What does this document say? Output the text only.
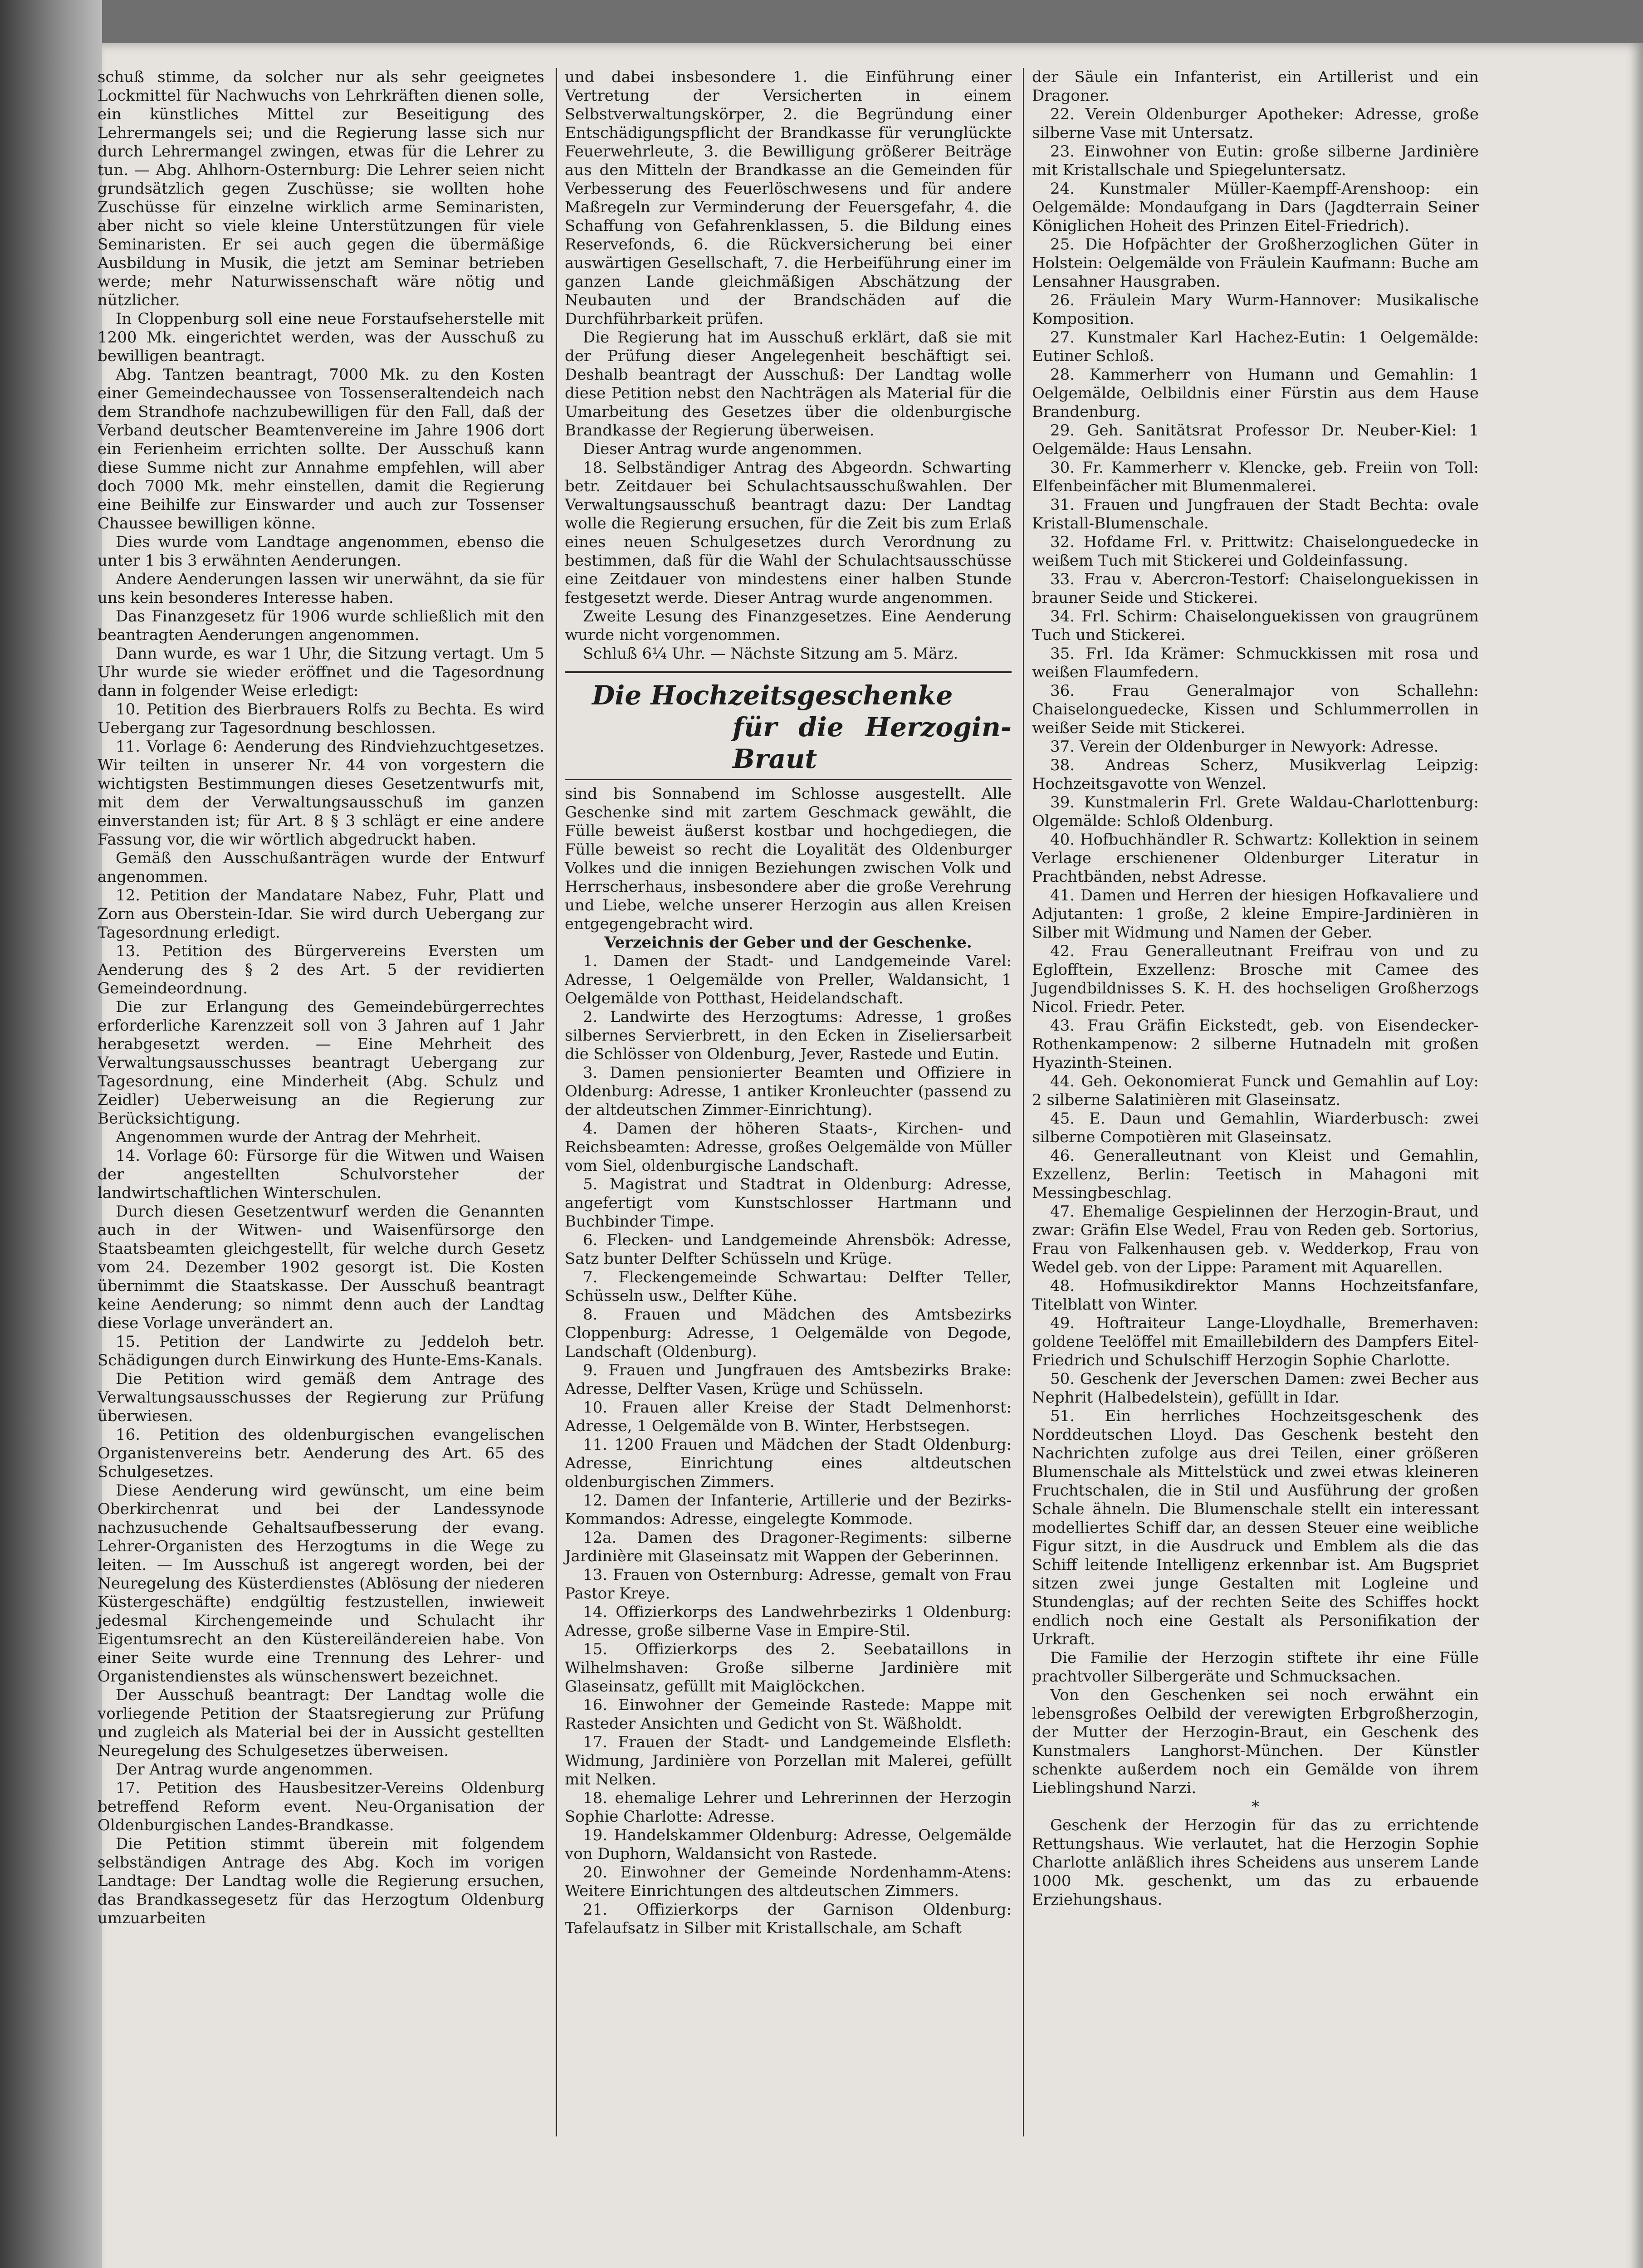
schuß stimme, da solcher nur als sehr geeignetes Lockmittel für Nachwuchs von Lehrkräften dienen solle, ein künstliches Mittel zur Beseitigung des Lehrermangels sei; und die Regierung lasse sich nur durch Lehrermangel zwingen, etwas für die Lehrer zu tun. — Abg. Ahlhorn-Osternburg: Die Lehrer seien nicht grundsätzlich gegen Zuschüsse; sie wollten hohe Zuschüsse für einzelne wirklich arme Seminaristen, aber nicht so viele kleine Unterstützungen für viele Seminaristen. Er sei auch gegen die übermäßige Ausbildung in Musik, die jetzt am Seminar betrieben werde; mehr Naturwissenschaft wäre nötig und nützlicher.

In Cloppenburg soll eine neue Forstaufseherstelle mit 1200 Mk. eingerichtet werden, was der Ausschuß zu bewilligen beantragt.

Abg. Tantzen beantragt, 7000 Mk. zu den Kosten einer Gemeindechaussee von Tossenseraltendeich nach dem Strandhofe nachzubewilligen für den Fall, daß der Verband deutscher Beamtenvereine im Jahre 1906 dort ein Ferienheim errichten sollte. Der Ausschuß kann diese Summe nicht zur Annahme empfehlen, will aber doch 7000 Mk. mehr einstellen, damit die Regierung eine Beihilfe zur Einswarder und auch zur Tossenser Chaussee bewilligen könne.

Dies wurde vom Landtage angenommen, ebenso die unter 1 bis 3 erwähnten Aenderungen.

Andere Aenderungen lassen wir unerwähnt, da sie für uns kein besonderes Interesse haben.

Das Finanzgesetz für 1906 wurde schließlich mit den beantragten Aenderungen angenommen.

Dann wurde, es war 1 Uhr, die Sitzung vertagt. Um 5 Uhr wurde sie wieder eröffnet und die Tagesordnung dann in folgender Weise erledigt:

10. Petition des Bierbrauers Rolfs zu Bechta. Es wird Uebergang zur Tagesordnung beschlossen.

11. Vorlage 6: Aenderung des Rindviehzuchtgesetzes. Wir teilten in unserer Nr. 44 von vorgestern die wichtigsten Bestimmungen dieses Gesetzentwurfs mit, mit dem der Verwaltungsausschuß im ganzen einverstanden ist; für Art. 8 § 3 schlägt er eine andere Fassung vor, die wir wörtlich abgedruckt haben.

Gemäß den Ausschußanträgen wurde der Entwurf angenommen.

12. Petition der Mandatare Nabez, Fuhr, Platt und Zorn aus Oberstein-Idar. Sie wird durch Uebergang zur Tagesordnung erledigt.

13. Petition des Bürgervereins Eversten um Aenderung des § 2 des Art. 5 der revidierten Gemeindeordnung.

Die zur Erlangung des Gemeindebürgerrechtes erforderliche Karenzzeit soll von 3 Jahren auf 1 Jahr herabgesetzt werden. — Eine Mehrheit des Verwaltungsausschusses beantragt Uebergang zur Tagesordnung, eine Minderheit (Abg. Schulz und Zeidler) Ueberweisung an die Regierung zur Berücksichtigung.

Angenommen wurde der Antrag der Mehrheit.

14. Vorlage 60: Fürsorge für die Witwen und Waisen der angestellten Schulvorsteher der landwirtschaftlichen Winterschulen.

Durch diesen Gesetzentwurf werden die Genannten auch in der Witwen- und Waisenfürsorge den Staatsbeamten gleichgestellt, für welche durch Gesetz vom 24. Dezember 1902 gesorgt ist. Die Kosten übernimmt die Staatskasse. Der Ausschuß beantragt keine Aenderung; so nimmt denn auch der Landtag diese Vorlage unverändert an.

15. Petition der Landwirte zu Jeddeloh betr. Schädigungen durch Einwirkung des Hunte-Ems-Kanals.

Die Petition wird gemäß dem Antrage des Verwaltungsausschusses der Regierung zur Prüfung überwiesen.

16. Petition des oldenburgischen evangelischen Organistenvereins betr. Aenderung des Art. 65 des Schulgesetzes.

Diese Aenderung wird gewünscht, um eine beim Oberkirchenrat und bei der Landessynode nachzusuchende Gehaltsaufbesserung der evang. Lehrer-Organisten des Herzogtums in die Wege zu leiten. — Im Ausschuß ist angeregt worden, bei der Neuregelung des Küsterdienstes (Ablösung der niederen Küstergeschäfte) endgültig festzustellen, inwieweit jedesmal Kirchengemeinde und Schulacht ihr Eigentumsrecht an den Küstereiländereien habe. Von einer Seite wurde eine Trennung des Lehrer- und Organistendienstes als wünschenswert bezeichnet.

Der Ausschuß beantragt: Der Landtag wolle die vorliegende Petition der Staatsregierung zur Prüfung und zugleich als Material bei der in Aussicht gestellten Neuregelung des Schulgesetzes überweisen.

Der Antrag wurde angenommen.

17. Petition des Hausbesitzer-Vereins Oldenburg betreffend Reform event. Neu-Organisation der Oldenburgischen Landes-Brandkasse.

Die Petition stimmt überein mit folgendem selbständigen Antrage des Abg. Koch im vorigen Landtage: Der Landtag wolle die Regierung ersuchen, das Brandkassegesetz für das Herzogtum Oldenburg umzuarbeiten

und dabei insbesondere 1. die Einführung einer Vertretung der Versicherten in einem Selbstverwaltungskörper, 2. die Begründung einer Entschädigungspflicht der Brandkasse für verunglückte Feuerwehrleute, 3. die Bewilligung größerer Beiträge aus den Mitteln der Brandkasse an die Gemeinden für Verbesserung des Feuerlöschwesens und für andere Maßregeln zur Verminderung der Feuersgefahr, 4. die Schaffung von Gefahrenklassen, 5. die Bildung eines Reservefonds, 6. die Rückversicherung bei einer auswärtigen Gesellschaft, 7. die Herbeiführung einer im ganzen Lande gleichmäßigen Abschätzung der Neubauten und der Brandschäden auf die Durchführbarkeit prüfen.

Die Regierung hat im Ausschuß erklärt, daß sie mit der Prüfung dieser Angelegenheit beschäftigt sei. Deshalb beantragt der Ausschuß: Der Landtag wolle diese Petition nebst den Nachträgen als Material für die Umarbeitung des Gesetzes über die oldenburgische Brandkasse der Regierung überweisen.

Dieser Antrag wurde angenommen.

18. Selbständiger Antrag des Abgeordn. Schwarting betr. Zeitdauer bei Schulachtsausschußwahlen. Der Verwaltungsausschuß beantragt dazu: Der Landtag wolle die Regierung ersuchen, für die Zeit bis zum Erlaß eines neuen Schulgesetzes durch Verordnung zu bestimmen, daß für die Wahl der Schulachtsausschüsse eine Zeitdauer von mindestens einer halben Stunde festgesetzt werde. Dieser Antrag wurde angenommen.

Zweite Lesung des Finanzgesetzes. Eine Aenderung wurde nicht vorgenommen.

Schluß 6¼ Uhr. — Nächste Sitzung am 5. März.

Die Hochzeitsgeschenke
für die Herzogin-Braut

sind bis Sonnabend im Schlosse ausgestellt. Alle Geschenke sind mit zartem Geschmack gewählt, die Fülle beweist äußerst kostbar und hochgediegen, die Fülle beweist so recht die Loyalität des Oldenburger Volkes und die innigen Beziehungen zwischen Volk und Herrscherhaus, insbesondere aber die große Verehrung und Liebe, welche unserer Herzogin aus allen Kreisen entgegengebracht wird.

Verzeichnis der Geber und der Geschenke.

1. Damen der Stadt- und Landgemeinde Varel: Adresse, 1 Oelgemälde von Preller, Waldansicht, 1 Oelgemälde von Potthast, Heidelandschaft.

2. Landwirte des Herzogtums: Adresse, 1 großes silbernes Servierbrett, in den Ecken in Ziseliersarbeit die Schlösser von Oldenburg, Jever, Rastede und Eutin.

3. Damen pensionierter Beamten und Offiziere in Oldenburg: Adresse, 1 antiker Kronleuchter (passend zu der altdeutschen Zimmer-Einrichtung).

4. Damen der höheren Staats-, Kirchen- und Reichsbeamten: Adresse, großes Oelgemälde von Müller vom Siel, oldenburgische Landschaft.

5. Magistrat und Stadtrat in Oldenburg: Adresse, angefertigt vom Kunstschlosser Hartmann und Buchbinder Timpe.

6. Flecken- und Landgemeinde Ahrensbök: Adresse, Satz bunter Delfter Schüsseln und Krüge.

7. Fleckengemeinde Schwartau: Delfter Teller, Schüsseln usw., Delfter Kühe.

8. Frauen und Mädchen des Amtsbezirks Cloppenburg: Adresse, 1 Oelgemälde von Degode, Landschaft (Oldenburg).

9. Frauen und Jungfrauen des Amtsbezirks Brake: Adresse, Delfter Vasen, Krüge und Schüsseln.

10. Frauen aller Kreise der Stadt Delmenhorst: Adresse, 1 Oelgemälde von B. Winter, Herbstsegen.

11. 1200 Frauen und Mädchen der Stadt Oldenburg: Adresse, Einrichtung eines altdeutschen oldenburgischen Zimmers.

12. Damen der Infanterie, Artillerie und der Bezirks-Kommandos: Adresse, eingelegte Kommode.

12a. Damen des Dragoner-Regiments: silberne Jardinière mit Glaseinsatz mit Wappen der Geberinnen.

13. Frauen von Osternburg: Adresse, gemalt von Frau Pastor Kreye.

14. Offizierkorps des Landwehrbezirks 1 Oldenburg: Adresse, große silberne Vase in Empire-Stil.

15. Offizierkorps des 2. Seebataillons in Wilhelmshaven: Große silberne Jardinière mit Glaseinsatz, gefüllt mit Maiglöckchen.

16. Einwohner der Gemeinde Rastede: Mappe mit Rasteder Ansichten und Gedicht von St. Wäßholdt.

17. Frauen der Stadt- und Landgemeinde Elsfleth: Widmung, Jardinière von Porzellan mit Malerei, gefüllt mit Nelken.

18. ehemalige Lehrer und Lehrerinnen der Herzogin Sophie Charlotte: Adresse.

19. Handelskammer Oldenburg: Adresse, Oelgemälde von Duphorn, Waldansicht von Rastede.

20. Einwohner der Gemeinde Nordenhamm-Atens: Weitere Einrichtungen des altdeutschen Zimmers.

21. Offizierkorps der Garnison Oldenburg: Tafelaufsatz in Silber mit Kristallschale, am Schaft

der Säule ein Infanterist, ein Artillerist und ein Dragoner.

22. Verein Oldenburger Apotheker: Adresse, große silberne Vase mit Untersatz.

23. Einwohner von Eutin: große silberne Jardinière mit Kristallschale und Spiegeluntersatz.

24. Kunstmaler Müller-Kaempff-Arenshoop: ein Oelgemälde: Mondaufgang in Dars (Jagdterrain Seiner Königlichen Hoheit des Prinzen Eitel-Friedrich).

25. Die Hofpächter der Großherzoglichen Güter in Holstein: Oelgemälde von Fräulein Kaufmann: Buche am Lensahner Hausgraben.

26. Fräulein Mary Wurm-Hannover: Musikalische Komposition.

27. Kunstmaler Karl Hachez-Eutin: 1 Oelgemälde: Eutiner Schloß.

28. Kammerherr von Humann und Gemahlin: 1 Oelgemälde, Oelbildnis einer Fürstin aus dem Hause Brandenburg.

29. Geh. Sanitätsrat Professor Dr. Neuber-Kiel: 1 Oelgemälde: Haus Lensahn.

30. Fr. Kammerherr v. Klencke, geb. Freiin von Toll: Elfenbeinfächer mit Blumenmalerei.

31. Frauen und Jungfrauen der Stadt Bechta: ovale Kristall-Blumenschale.

32. Hofdame Frl. v. Prittwitz: Chaiselonguedecke in weißem Tuch mit Stickerei und Goldeinfassung.

33. Frau v. Abercron-Testorf: Chaiselonguekissen in brauner Seide und Stickerei.

34. Frl. Schirm: Chaiselonguekissen von graugrünem Tuch und Stickerei.

35. Frl. Ida Krämer: Schmuckkissen mit rosa und weißen Flaumfedern.

36. Frau Generalmajor von Schallehn: Chaiselonguedecke, Kissen und Schlummerrollen in weißer Seide mit Stickerei.

37. Verein der Oldenburger in Newyork: Adresse.

38. Andreas Scherz, Musikverlag Leipzig: Hochzeitsgavotte von Wenzel.

39. Kunstmalerin Frl. Grete Waldau-Charlottenburg: Olgemälde: Schloß Oldenburg.

40. Hofbuchhändler R. Schwartz: Kollektion in seinem Verlage erschienener Oldenburger Literatur in Prachtbänden, nebst Adresse.

41. Damen und Herren der hiesigen Hofkavaliere und Adjutanten: 1 große, 2 kleine Empire-Jardinièren in Silber mit Widmung und Namen der Geber.

42. Frau Generalleutnant Freifrau von und zu Eglofftein, Exzellenz: Brosche mit Camee des Jugendbildnisses S. K. H. des hochseligen Großherzogs Nicol. Friedr. Peter.

43. Frau Gräfin Eickstedt, geb. von Eisendecker-Rothenkampenow: 2 silberne Hutnadeln mit großen Hyazinth-Steinen.

44. Geh. Oekonomierat Funck und Gemahlin auf Loy: 2 silberne Salatinièren mit Glaseinsatz.

45. E. Daun und Gemahlin, Wiarderbusch: zwei silberne Compotièren mit Glaseinsatz.

46. Generalleutnant von Kleist und Gemahlin, Exzellenz, Berlin: Teetisch in Mahagoni mit Messingbeschlag.

47. Ehemalige Gespielinnen der Herzogin-Braut, und zwar: Gräfin Else Wedel, Frau von Reden geb. Sortorius, Frau von Falkenhausen geb. v. Wedderkop, Frau von Wedel geb. von der Lippe: Parament mit Aquarellen.

48. Hofmusikdirektor Manns Hochzeitsfanfare, Titelblatt von Winter.

49. Hoftraiteur Lange-Lloydhalle, Bremerhaven: goldene Teelöffel mit Emaillebildern des Dampfers Eitel-Friedrich und Schulschiff Herzogin Sophie Charlotte.

50. Geschenk der Jeverschen Damen: zwei Becher aus Nephrit (Halbedelstein), gefüllt in Idar.

51. Ein herrliches Hochzeitsgeschenk des Norddeutschen Lloyd. Das Geschenk besteht den Nachrichten zufolge aus drei Teilen, einer größeren Blumenschale als Mittelstück und zwei etwas kleineren Fruchtschalen, die in Stil und Ausführung der großen Schale ähneln. Die Blumenschale stellt ein interessant modelliertes Schiff dar, an dessen Steuer eine weibliche Figur sitzt, in die Ausdruck und Emblem als die das Schiff leitende Intelligenz erkennbar ist. Am Bugspriet sitzen zwei junge Gestalten mit Logleine und Stundenglas; auf der rechten Seite des Schiffes hockt endlich noch eine Gestalt als Personifikation der Urkraft.

Die Familie der Herzogin stiftete ihr eine Fülle prachtvoller Silbergeräte und Schmucksachen.

Von den Geschenken sei noch erwähnt ein lebensgroßes Oelbild der verewigten Erbgroßherzogin, der Mutter der Herzogin-Braut, ein Geschenk des Kunstmalers Langhorst-München. Der Künstler schenkte außerdem noch ein Gemälde von ihrem Lieblingshund Narzi.

*

Geschenk der Herzogin für das zu errichtende Rettungshaus. Wie verlautet, hat die Herzogin Sophie Charlotte anläßlich ihres Scheidens aus unserem Lande 1000 Mk. geschenkt, um das zu erbauende Erziehungshaus.
